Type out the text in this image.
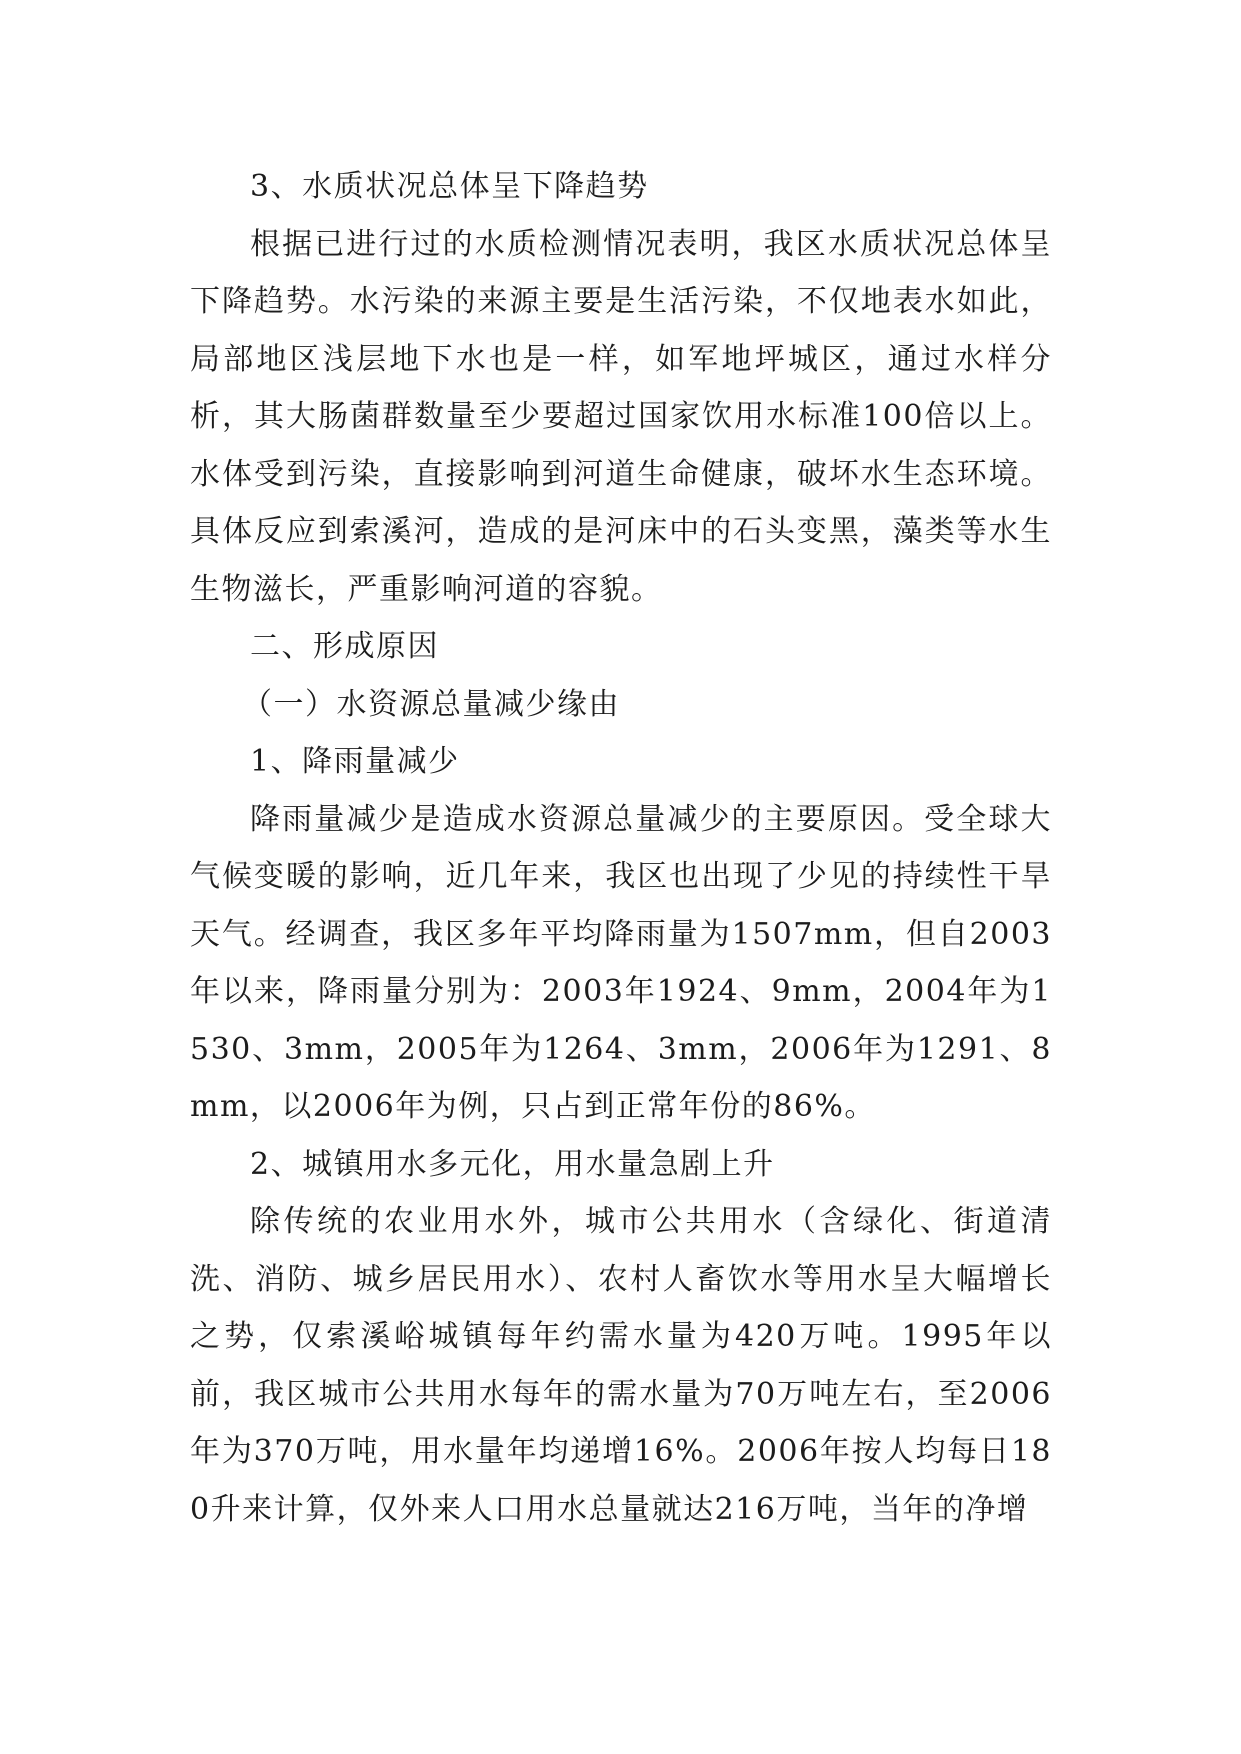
3、水质状况总体呈下降趋势

根据已进行过的水质检测情况表明，我区水质状况总体呈下降趋势。水污染的来源主要是生活污染，不仅地表水如此，局部地区浅层地下水也是一样，如军地坪城区，通过水样分析，其大肠菌群数量至少要超过国家饮用水标准100倍以上。水体受到污染，直接影响到河道生命健康，破坏水生态环境。具体反应到索溪河，造成的是河床中的石头变黑，藻类等水生生物滋长，严重影响河道的容貌。

二、形成原因

（一）水资源总量减少缘由

1、降雨量减少

降雨量减少是造成水资源总量减少的主要原因。受全球大气候变暖的影响，近几年来，我区也出现了少见的持续性干旱天气。经调查，我区多年平均降雨量为1507mm，但自2003年以来，降雨量分别为：2003年1924、9mm，2004年为1530、3mm，2005年为1264、3mm，2006年为1291、8mm，以2006年为例，只占到正常年份的86%。

2、城镇用水多元化，用水量急剧上升

除传统的农业用水外，城市公共用水（含绿化、街道清洗、消防、城乡居民用水）、农村人畜饮水等用水呈大幅增长之势，仅索溪峪城镇每年约需水量为420万吨。1995年以前，我区城市公共用水每年的需水量为70万吨左右，至2006年为370万吨，用水量年均递增16%。2006年按人均每日180升来计算，仅外来人口用水总量就达216万吨，当年的净增
